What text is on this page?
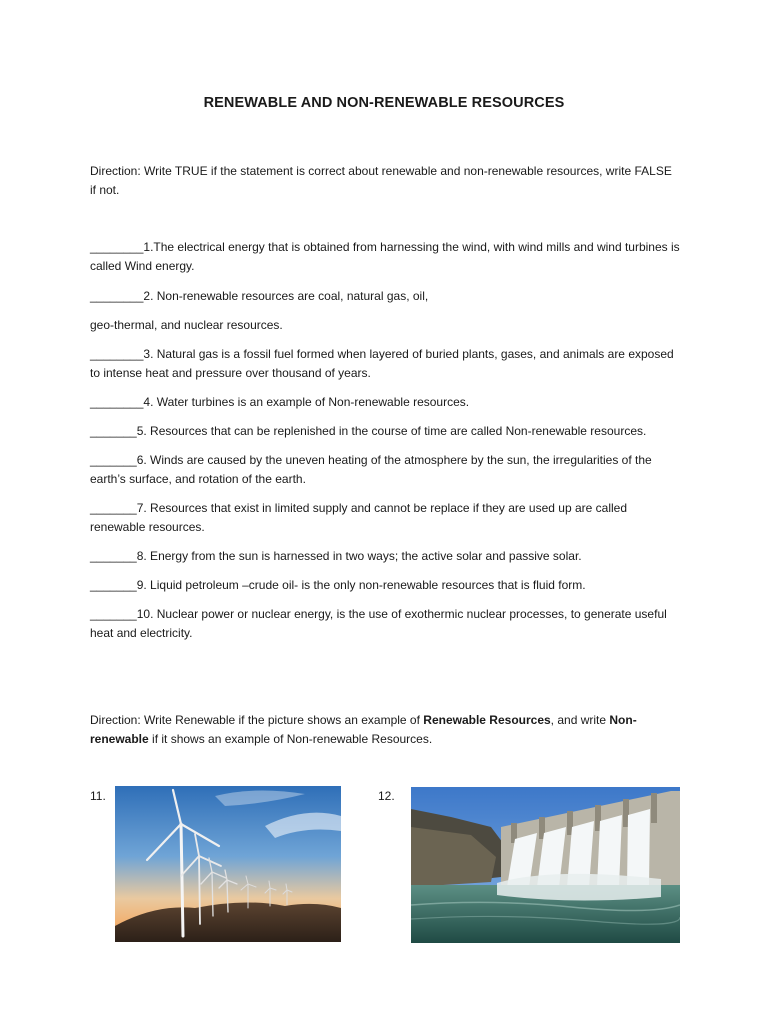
RENEWABLE AND NON-RENEWABLE RESOURCES

Direction: Write TRUE if the statement is correct about renewable and non-renewable resources, write FALSE if not.

________1.The electrical energy that is obtained from harnessing the wind, with wind mills and wind turbines is called Wind energy.

________2. Non-renewable resources are coal, natural gas, oil,

geo-thermal, and nuclear resources.

________3. Natural gas is a fossil fuel formed when layered of buried plants, gases, and animals are exposed to intense heat and pressure over thousand of years.

________4. Water turbines is an example of Non-renewable resources.

_______5. Resources that can be replenished in the course of time are called Non-renewable resources.

_______6. Winds are caused by the uneven heating of the atmosphere by the sun, the irregularities of the earth’s surface, and rotation of the earth.

_______7. Resources that exist in limited supply and cannot be replace if they are used up are called renewable resources.

_______8. Energy from the sun is harnessed in two ways; the active solar and passive solar.

_______9. Liquid petroleum –crude oil- is the only non-renewable resources that is fluid form.

_______10. Nuclear power or nuclear energy, is the use of exothermic nuclear processes, to generate useful heat and electricity.

Direction: Write Renewable if the picture shows an example of Renewable Resources, and write Non-renewable if it shows an example of Non-renewable Resources.

11.	12.
